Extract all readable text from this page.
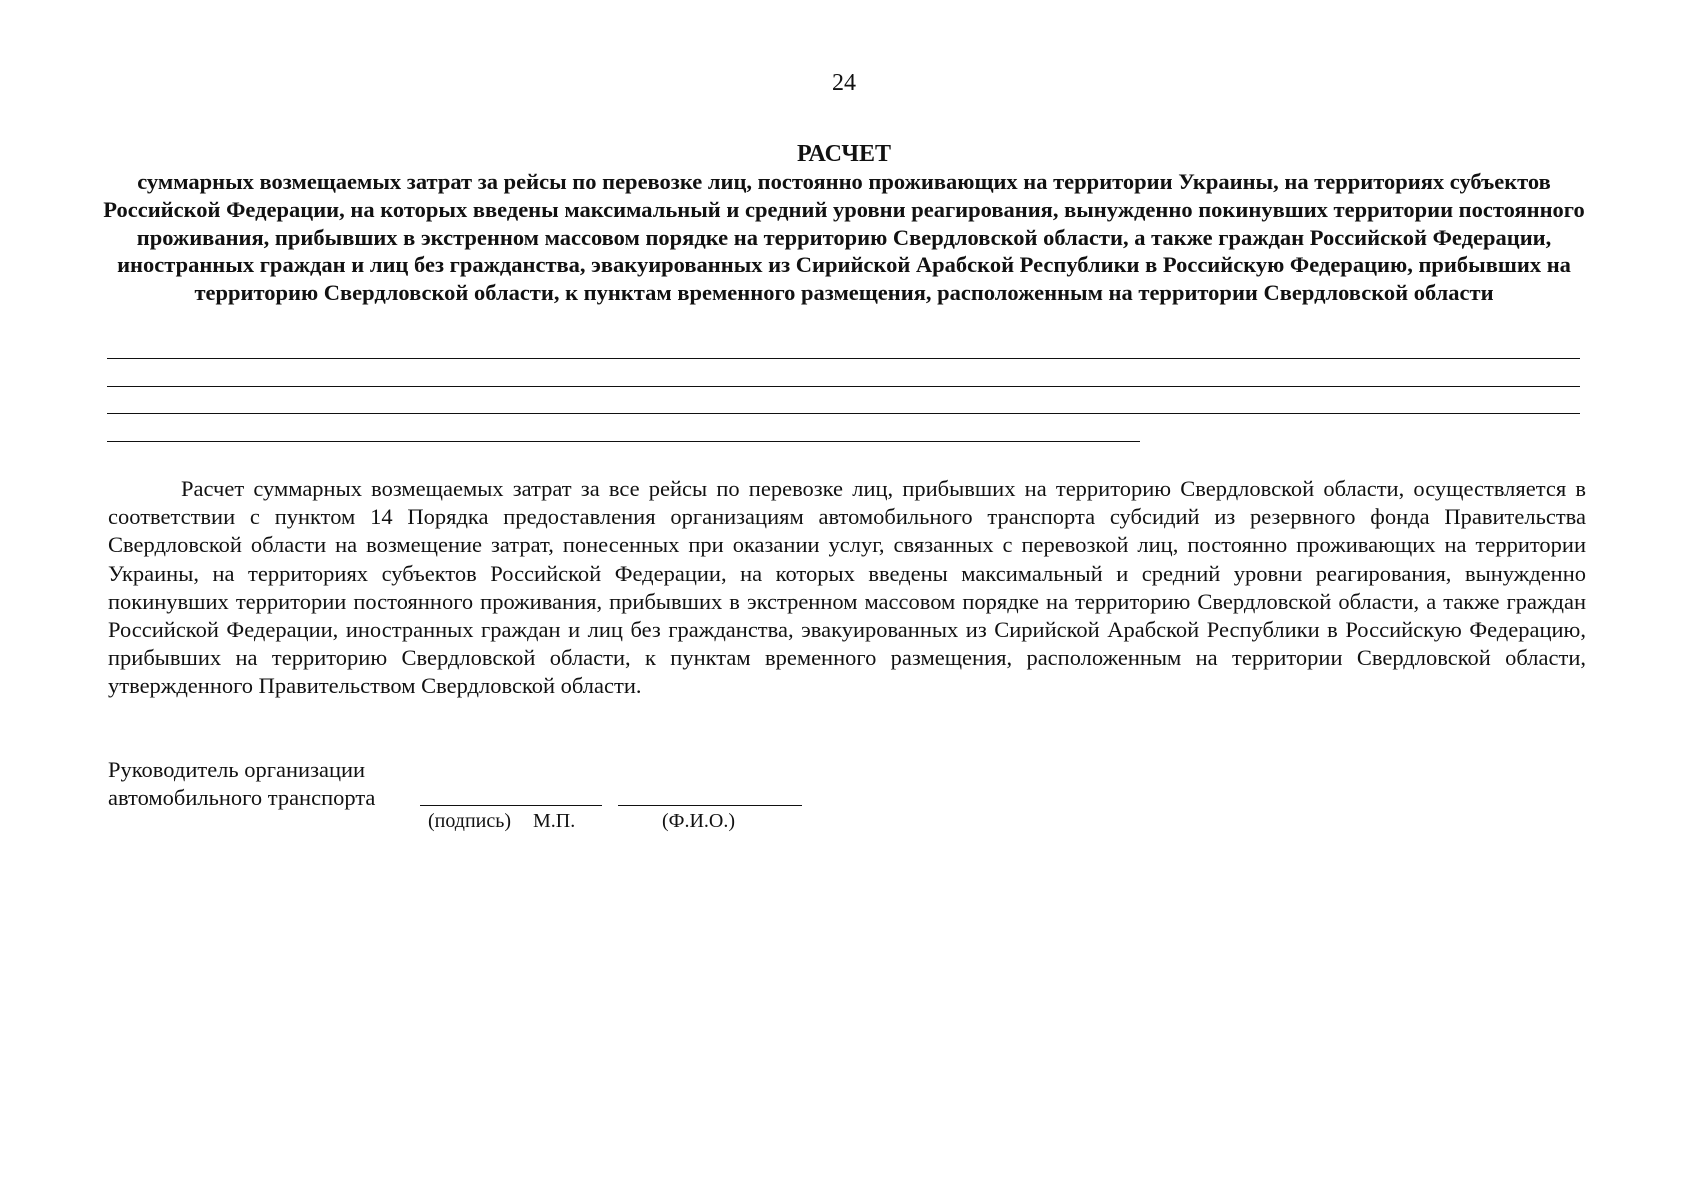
24
РАСЧЕТ

суммарных возмещаемых затрат за рейсы по перевозке лиц, постоянно проживающих на территории Украины, на территориях субъектов Российской Федерации, на которых введены максимальный и средний уровни реагирования, вынужденно покинувших территории постоянного проживания, прибывших в экстренном массовом порядке на территорию Свердловской области, а также граждан Российской Федерации, иностранных граждан и лиц без гражданства, эвакуированных из Сирийской Арабской Республики в Российскую Федерацию, прибывших на территорию Свердловской области, к пунктам временного размещения, расположенным на территории Свердловской области

Расчет суммарных возмещаемых затрат за все рейсы по перевозке лиц, прибывших на территорию Свердловской области, осуществляется в соответствии с пунктом 14 Порядка предоставления организациям автомобильного транспорта субсидий из резервного фонда Правительства Свердловской области на возмещение затрат, понесенных при оказании услуг, связанных с перевозкой лиц, постоянно проживающих на территории Украины, на территориях субъектов Российской Федерации, на которых введены максимальный и средний уровни реагирования, вынужденно покинувших территории постоянного проживания, прибывших в экстренном массовом порядке на территорию Свердловской области, а также граждан Российской Федерации, иностранных граждан и лиц без гражданства, эвакуированных из Сирийской Арабской Республики в Российскую Федерацию, прибывших на территорию Свердловской области, к пунктам временного размещения, расположенным на территории Свердловской области, утвержденного Правительством Свердловской области.

Руководитель организации
автомобильного транспорта
(подпись) М.П.	(Ф.И.О.)
